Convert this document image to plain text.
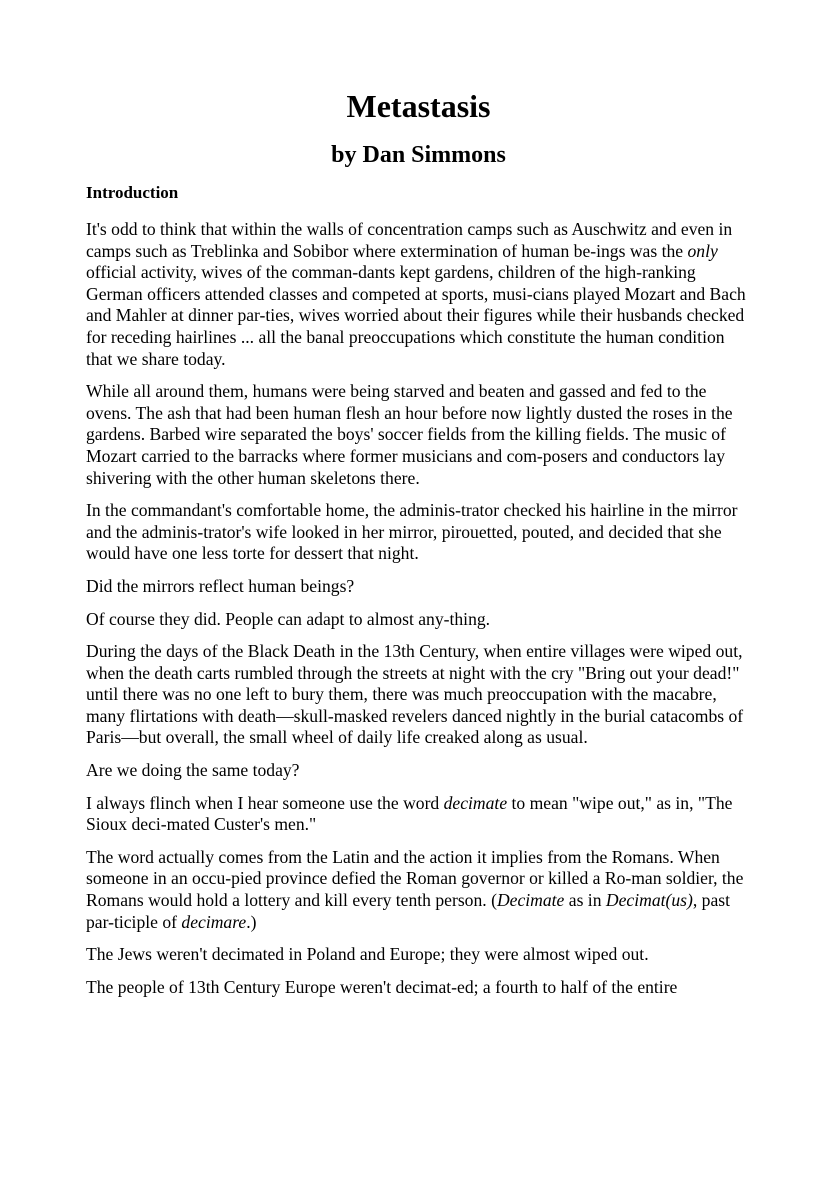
Metastasis
by Dan Simmons
Introduction

It's odd to think that within the walls of concentration camps such as Auschwitz and even in camps such as Treblinka and Sobibor where extermination of human be-ings was the only official activity, wives of the comman-dants kept gardens, children of the high-ranking German officers attended classes and competed at sports, musi-cians played Mozart and Bach and Mahler at dinner par-ties, wives worried about their figures while their husbands checked for receding hairlines ... all the banal preoccupations which constitute the human condition that we share today.

While all around them, humans were being starved and beaten and gassed and fed to the ovens. The ash that had been human flesh an hour before now lightly dusted the roses in the gardens. Barbed wire separated the boys' soccer fields from the killing fields. The music of Mozart carried to the barracks where former musicians and com-posers and conductors lay shivering with the other human skeletons there.

In the commandant's comfortable home, the adminis-trator checked his hairline in the mirror and the adminis-trator's wife looked in her mirror, pirouetted, pouted, and decided that she would have one less torte for dessert that night.

Did the mirrors reflect human beings?

Of course they did. People can adapt to almost any-thing.

During the days of the Black Death in the 13th Century, when entire villages were wiped out, when the death carts rumbled through the streets at night with the cry "Bring out your dead!" until there was no one left to bury them, there was much preoccupation with the macabre, many flirtations with death—skull-masked revelers danced nightly in the burial catacombs of Paris—but overall, the small wheel of daily life creaked along as usual.

Are we doing the same today?

I always flinch when I hear someone use the word decimate to mean "wipe out," as in, "The Sioux deci-mated Custer's men."

The word actually comes from the Latin and the action it implies from the Romans. When someone in an occu-pied province defied the Roman governor or killed a Ro-man soldier, the Romans would hold a lottery and kill every tenth person. (Decimate as in Decimat(us), past par-ticiple of decimare.)

The Jews weren't decimated in Poland and Europe; they were almost wiped out.

The people of 13th Century Europe weren't decimat-ed; a fourth to half of the entire
